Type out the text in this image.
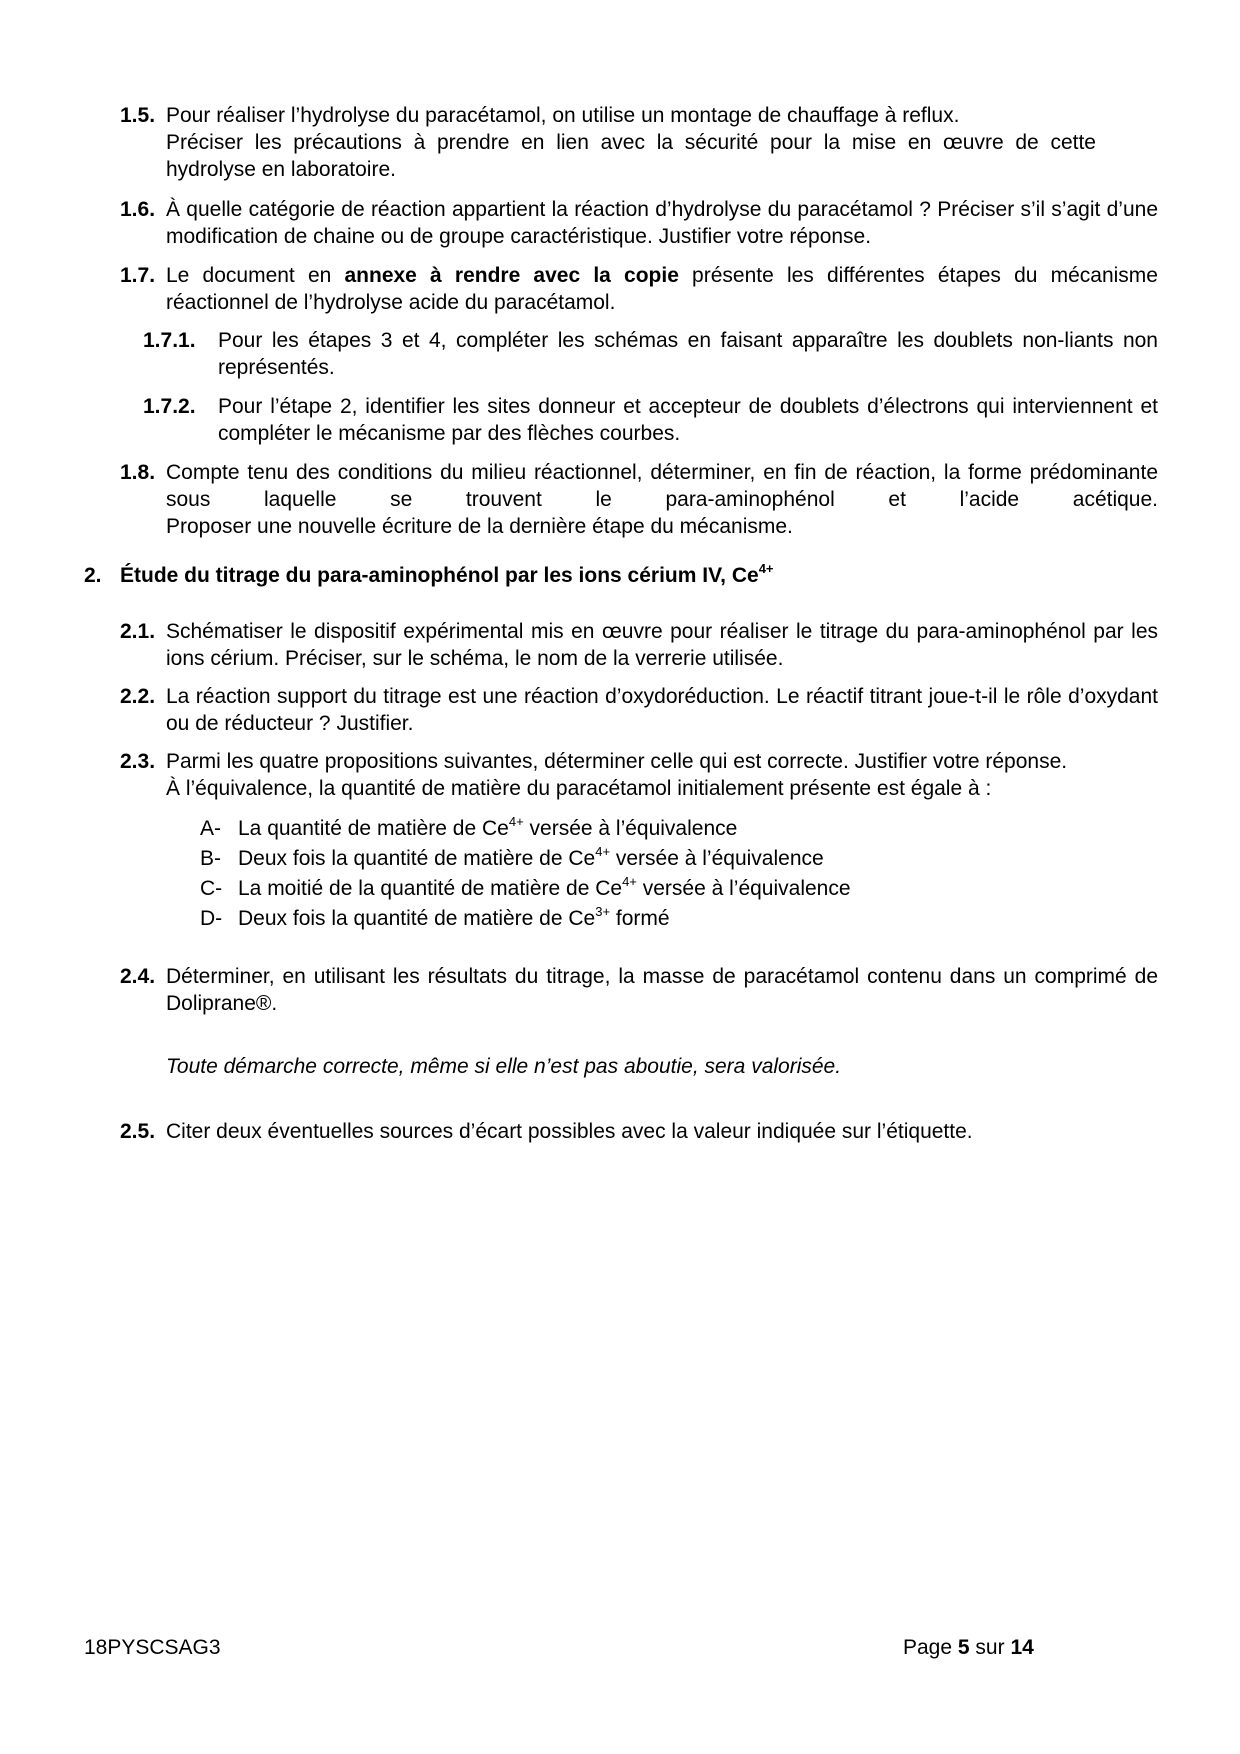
1.5. Pour réaliser l’hydrolyse du paracétamol, on utilise un montage de chauffage à reflux.

Préciser les précautions à prendre en lien avec la sécurité pour la mise en œuvre de cette hydrolyse en laboratoire.

1.6. À quelle catégorie de réaction appartient la réaction d’hydrolyse du paracétamol ? Préciser s’il s’agit d’une modification de chaine ou de groupe caractéristique. Justifier votre réponse.
1.7. Le document en annexe à rendre avec la copie présente les différentes étapes du mécanisme réactionnel de l’hydrolyse acide du paracétamol.
1.7.1. Pour les étapes 3 et 4, compléter les schémas en faisant apparaître les doublets non-liants non représentés.
1.7.2. Pour l’étape 2, identifier les sites donneur et accepteur de doublets d’électrons qui interviennent et compléter le mécanisme par des flèches courbes.
1.8. Compte tenu des conditions du milieu réactionnel, déterminer, en fin de réaction, la forme prédominante sous laquelle se trouvent le para-aminophénol et l’acide acétique.

Proposer une nouvelle écriture de la dernière étape du mécanisme.

2. Étude du titrage du para-aminophénol par les ions cérium IV, $Ce^{4+}$
2.1. Schématiser le dispositif expérimental mis en œuvre pour réaliser le titrage du para-aminophénol par les ions cérium. Préciser, sur le schéma, le nom de la verrerie utilisée.
2.2. La réaction support du titrage est une réaction d’oxydoréduction. Le réactif titrant joue-t-il le rôle d’oxydant ou de réducteur ? Justifier.
2.3. Parmi les quatre propositions suivantes, déterminer celle qui est correcte. Justifier votre réponse.

À l’équivalence, la quantité de matière du paracétamol initialement présente est égale à :

A- La quantité de matière de $Ce^{4+}$ versée à l’équivalence
B- Deux fois la quantité de matière de $Ce^{4+}$ versée à l’équivalence
C- La moitié de la quantité de matière de $Ce^{4+}$ versée à l’équivalence
D- Deux fois la quantité de matière de $Ce^{3+}$ formé
2.4. Déterminer, en utilisant les résultats du titrage, la masse de paracétamol contenu dans un comprimé de Doliprane®.
Toute démarche correcte, même si elle n’est pas aboutie, sera valorisée.
2.5. Citer deux éventuelles sources d’écart possibles avec la valeur indiquée sur l’étiquette.
18PYSCSAG3	Page 5 sur 14
